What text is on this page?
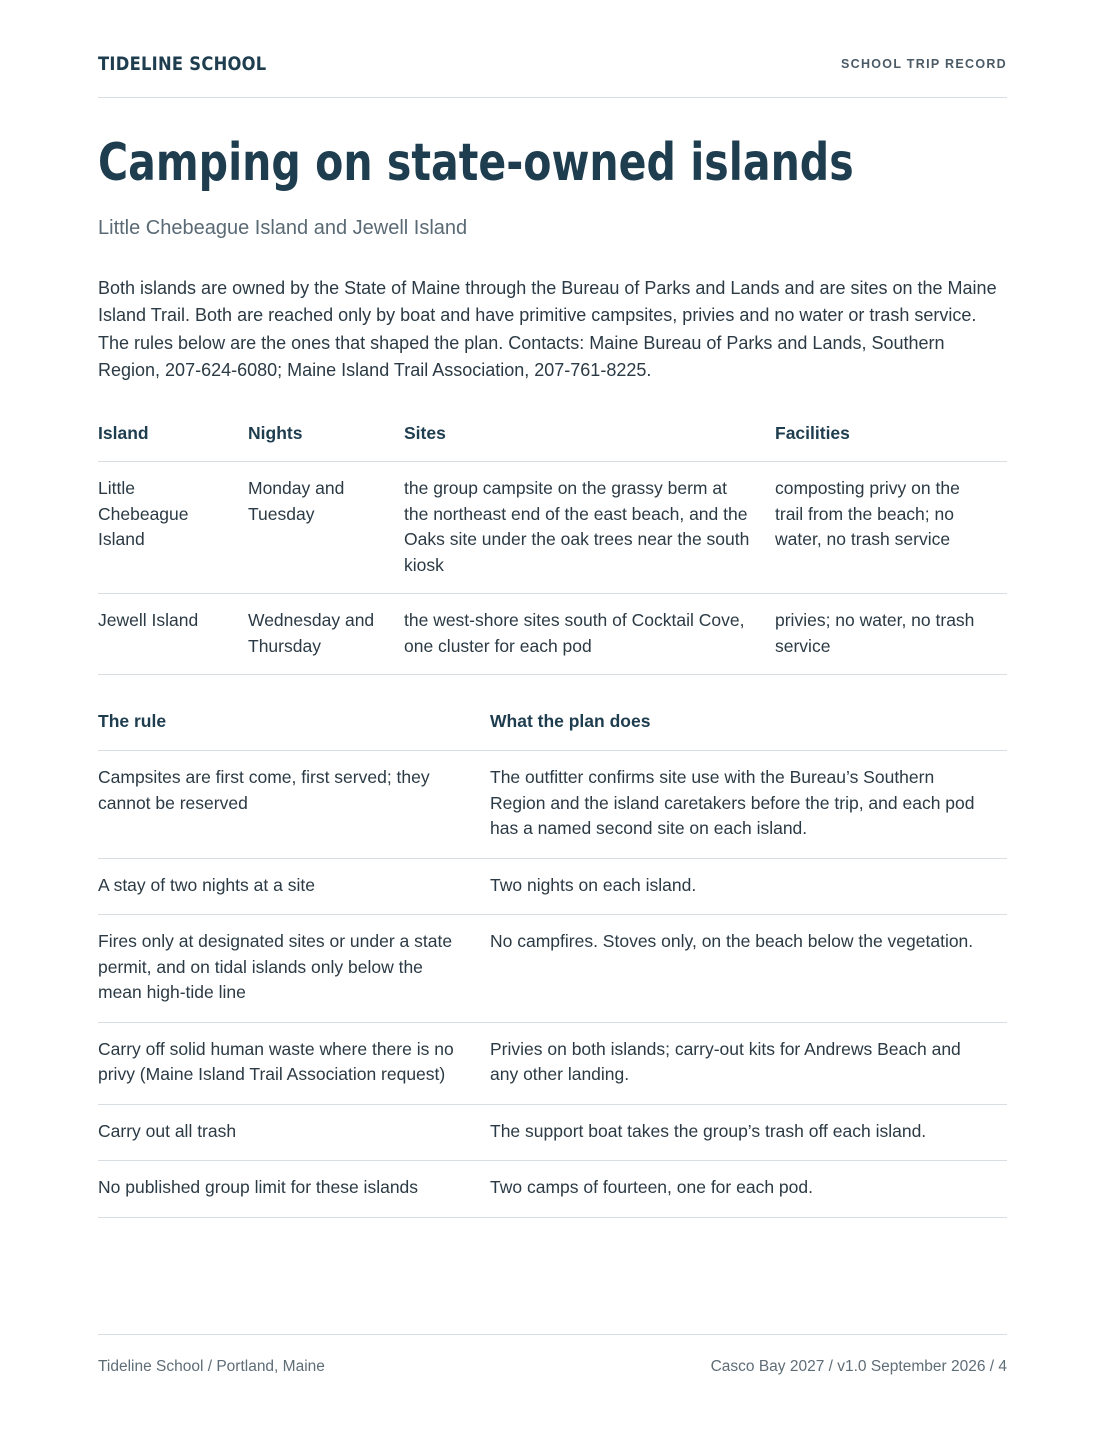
TIDELINE SCHOOL	SCHOOL TRIP RECORD
Camping on state-owned islands
Little Chebeague Island and Jewell Island

Both islands are owned by the State of Maine through the Bureau of Parks and Lands and are sites on the Maine Island Trail. Both are reached only by boat and have primitive campsites, privies and no water or trash service. The rules below are the ones that shaped the plan. Contacts: Maine Bureau of Parks and Lands, Southern Region, 207-624-6080; Maine Island Trail Association, 207-761-8225.

Island	Nights	Sites	Facilities
Little Chebeague Island	Monday and Tuesday	the group campsite on the grassy berm at the northeast end of the east beach, and the Oaks site under the oak trees near the south kiosk	composting privy on the trail from the beach; no water, no trash service
Jewell Island	Wednesday and Thursday	the west-shore sites south of Cocktail Cove, one cluster for each pod	privies; no water, no trash service
The rule	What the plan does
Campsites are first come, first served; they cannot be reserved	The outfitter confirms site use with the Bureau’s Southern Region and the island caretakers before the trip, and each pod has a named second site on each island.
A stay of two nights at a site	Two nights on each island.
Fires only at designated sites or under a state permit, and on tidal islands only below the mean high-tide line	No campfires. Stoves only, on the beach below the vegetation.
Carry off solid human waste where there is no privy (Maine Island Trail Association request)	Privies on both islands; carry-out kits for Andrews Beach and any other landing.
Carry out all trash	The support boat takes the group’s trash off each island.
No published group limit for these islands	Two camps of fourteen, one for each pod.
Tideline School / Portland, Maine	Casco Bay 2027 / v1.0 September 2026 / 4
